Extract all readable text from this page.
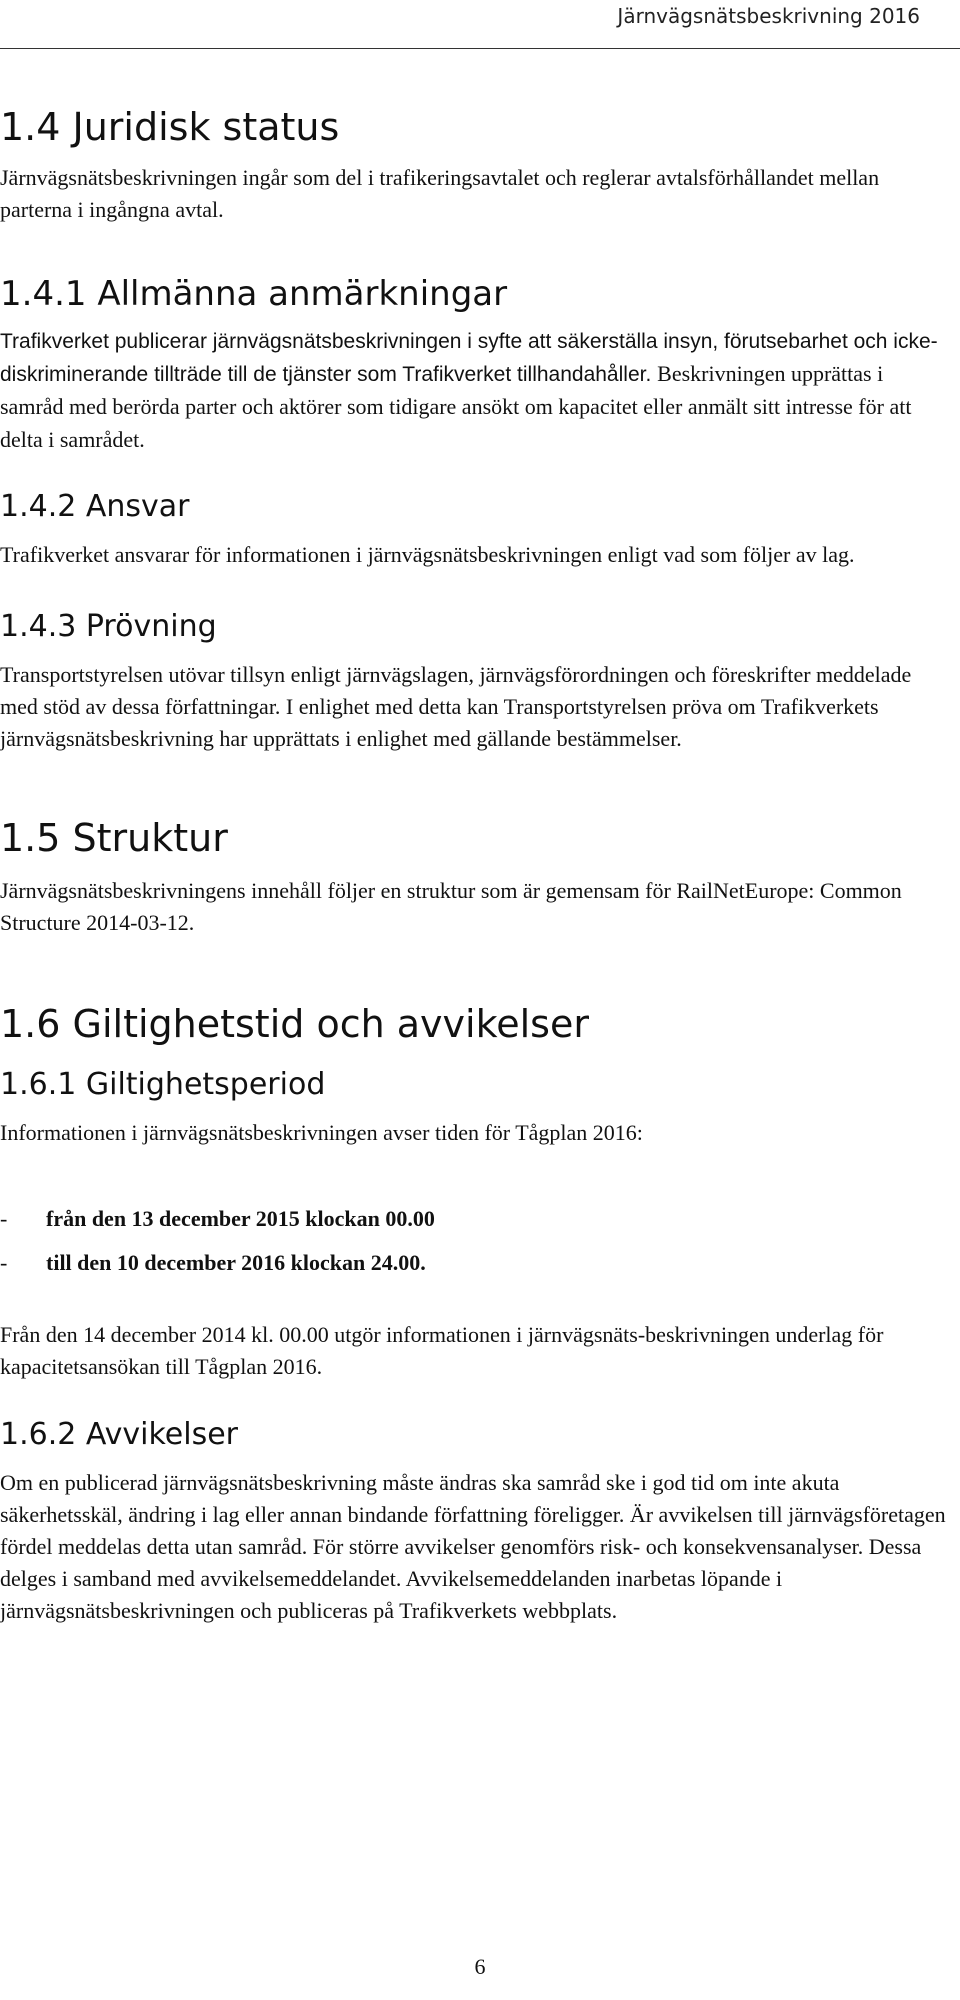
Järnvägsnätsbeskrivning 2016
1.4 Juridisk status

Järnvägsnätsbeskrivningen ingår som del i trafikeringsavtalet och reglerar avtalsförhållandet mellan parterna i ingångna avtal.

1.4.1 Allmänna anmärkningar

Trafikverket publicerar järnvägsnätsbeskrivningen i syfte att säkerställa insyn, förutsebarhet och icke-diskriminerande tillträde till de tjänster som Trafikverket tillhandahåller. Beskrivningen upprättas i samråd med berörda parter och aktörer som tidigare ansökt om kapacitet eller anmält sitt intresse för att delta i samrådet.

1.4.2 Ansvar

Trafikverket ansvarar för informationen i järnvägsnätsbeskrivningen enligt vad som följer av lag.

1.4.3 Prövning

Transportstyrelsen utövar tillsyn enligt järnvägslagen, järnvägsförordningen och föreskrifter meddelade med stöd av dessa författningar. I enlighet med detta kan Transportstyrelsen pröva om Trafikverkets järnvägsnätsbeskrivning har upprättats i enlighet med gällande bestämmelser.

1.5 Struktur

Järnvägsnätsbeskrivningens innehåll följer en struktur som är gemensam för RailNetEurope: Common Structure 2014-03-12.

1.6 Giltighetstid och avvikelser
1.6.1 Giltighetsperiod

Informationen i järnvägsnätsbeskrivningen avser tiden för Tågplan 2016:

-	från den 13 december 2015 klockan 00.00
-	till den 10 december 2016 klockan 24.00.

Från den 14 december 2014 kl. 00.00 utgör informationen i järnvägsnäts-beskrivningen underlag för kapacitetsansökan till Tågplan 2016.

1.6.2 Avvikelser

Om en publicerad järnvägsnätsbeskrivning måste ändras ska samråd ske i god tid om inte akuta säkerhetsskäl, ändring i lag eller annan bindande författning föreligger. Är avvikelsen till järnvägsföretagen fördel meddelas detta utan samråd. För större avvikelser genomförs risk- och konsekvensanalyser. Dessa delges i samband med avvikelsemeddelandet. Avvikelsemeddelanden inarbetas löpande i järnvägsnätsbeskrivningen och publiceras på Trafikverkets webbplats.

6
